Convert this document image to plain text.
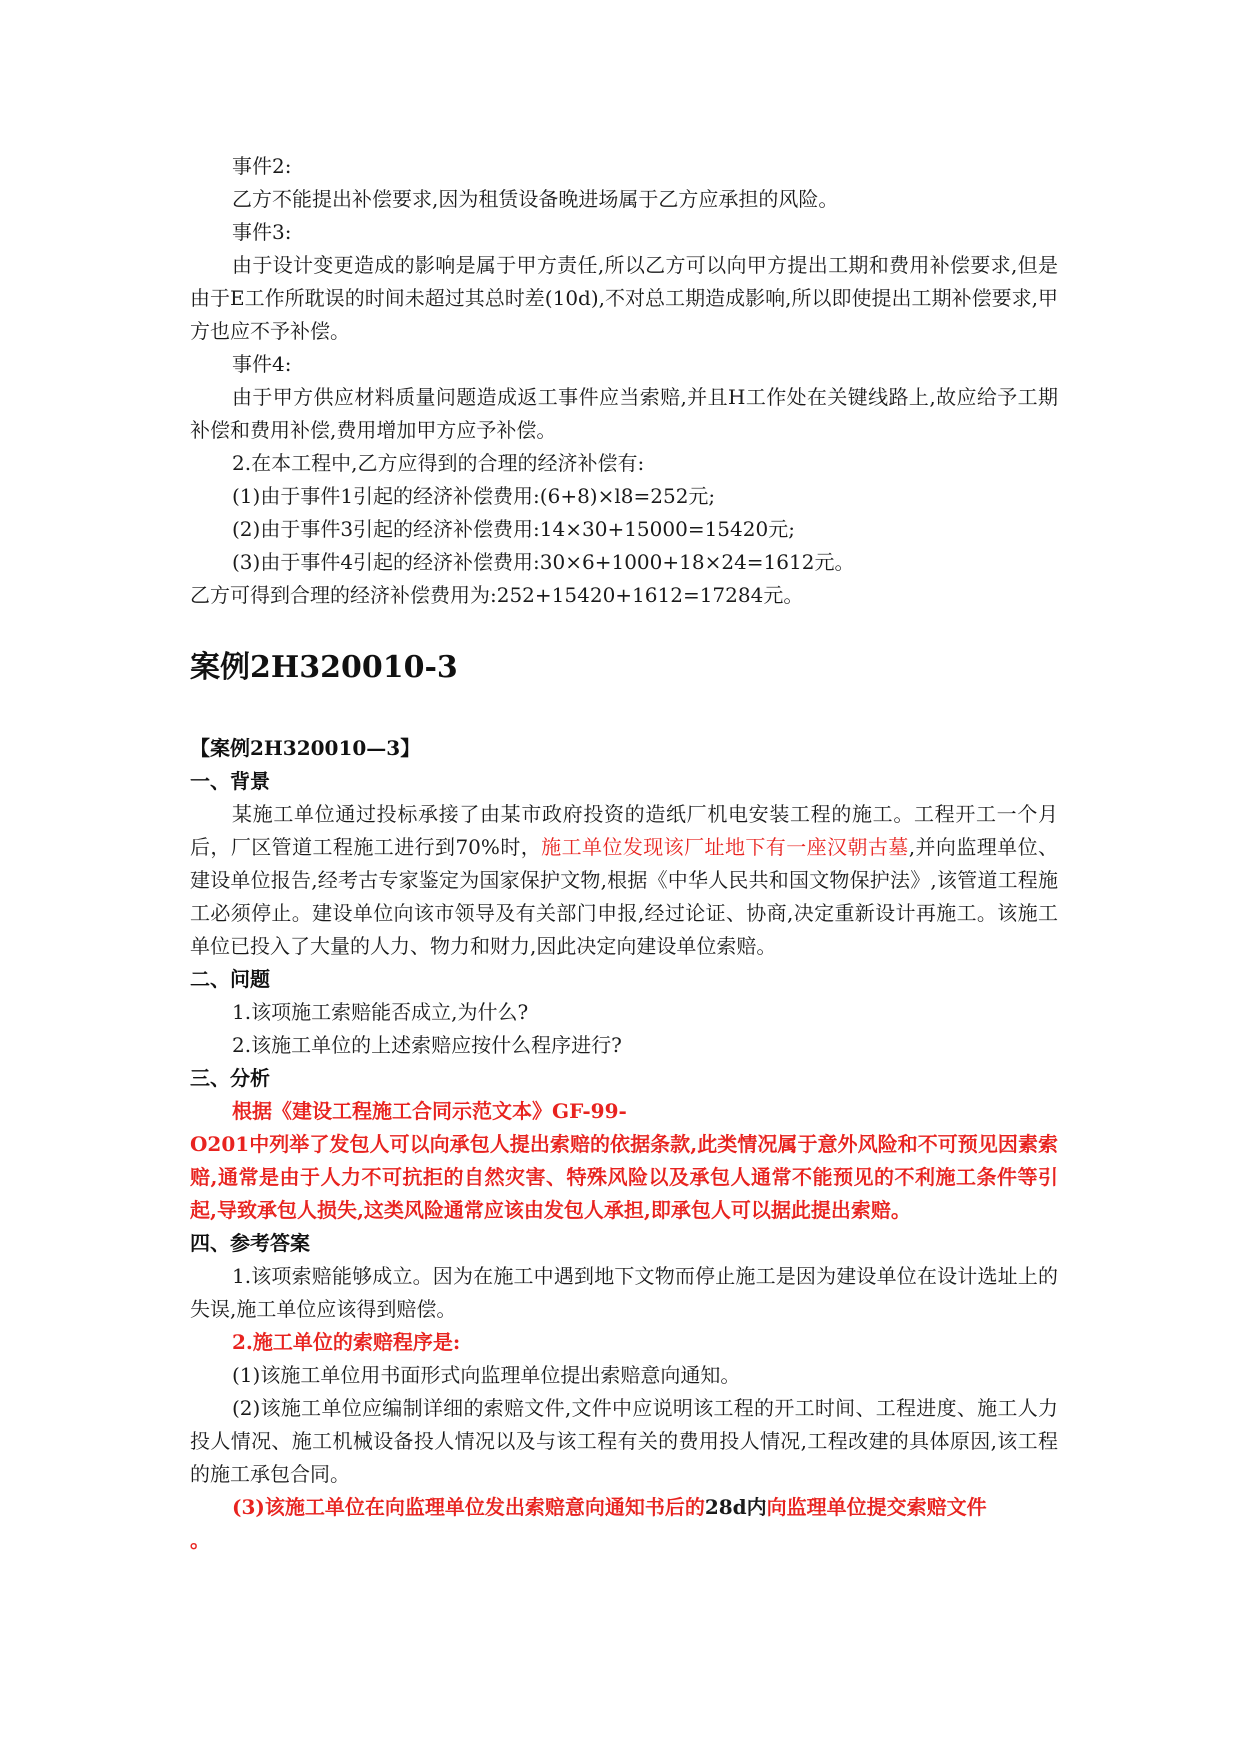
事件2:

乙方不能提出补偿要求,因为租赁设备晚进场属于乙方应承担的风险。

事件3:

由于设计变更造成的影响是属于甲方责任,所以乙方可以向甲方提出工期和费用补偿要求,但是由于E工作所耽误的时间未超过其总时差(10d),不对总工期造成影响,所以即使提出工期补偿要求,甲方也应不予补偿。

事件4:

由于甲方供应材料质量问题造成返工事件应当索赔,并且H工作处在关键线路上,故应给予工期补偿和费用补偿,费用增加甲方应予补偿。

2.在本工程中,乙方应得到的合理的经济补偿有:

(1)由于事件1引起的经济补偿费用:(6+8)×l8=252元;

(2)由于事件3引起的经济补偿费用:14×30+15000=15420元;

(3)由于事件4引起的经济补偿费用:30×6+1000+18×24=1612元。

乙方可得到合理的经济补偿费用为:252+15420+1612=17284元。

案例2H320010-3

【案例2H320010—3】

一、背景

某施工单位通过投标承接了由某市政府投资的造纸厂机电安装工程的施工。工程开工一个月后，厂区管道工程施工进行到70%时，施工单位发现该厂址地下有一座汉朝古墓,并向监理单位、建设单位报告,经考古专家鉴定为国家保护文物,根据《中华人民共和国文物保护法》,该管道工程施工必须停止。建设单位向该市领导及有关部门申报,经过论证、协商,决定重新设计再施工。该施工单位已投入了大量的人力、物力和财力,因此决定向建设单位索赔。

二、问题

1.该项施工索赔能否成立,为什么?

2.该施工单位的上述索赔应按什么程序进行?

三、分析

根据《建设工程施工合同示范文本》GF-99-

O201中列举了发包人可以向承包人提出索赔的依据条款,此类情况属于意外风险和不可预见因素索赔,通常是由于人力不可抗拒的自然灾害、特殊风险以及承包人通常不能预见的不利施工条件等引起,导致承包人损失,这类风险通常应该由发包人承担,即承包人可以据此提出索赔。

四、参考答案

1.该项索赔能够成立。因为在施工中遇到地下文物而停止施工是因为建设单位在设计选址上的失误,施工单位应该得到赔偿。

2.施工单位的索赔程序是:

(1)该施工单位用书面形式向监理单位提出索赔意向通知。

(2)该施工单位应编制详细的索赔文件,文件中应说明该工程的开工时间、工程进度、施工人力投人情况、施工机械设备投人情况以及与该工程有关的费用投人情况,工程改建的具体原因,该工程的施工承包合同。

(3)该施工单位在向监理单位发出索赔意向通知书后的28d内向监理单位提交索赔文件

。
